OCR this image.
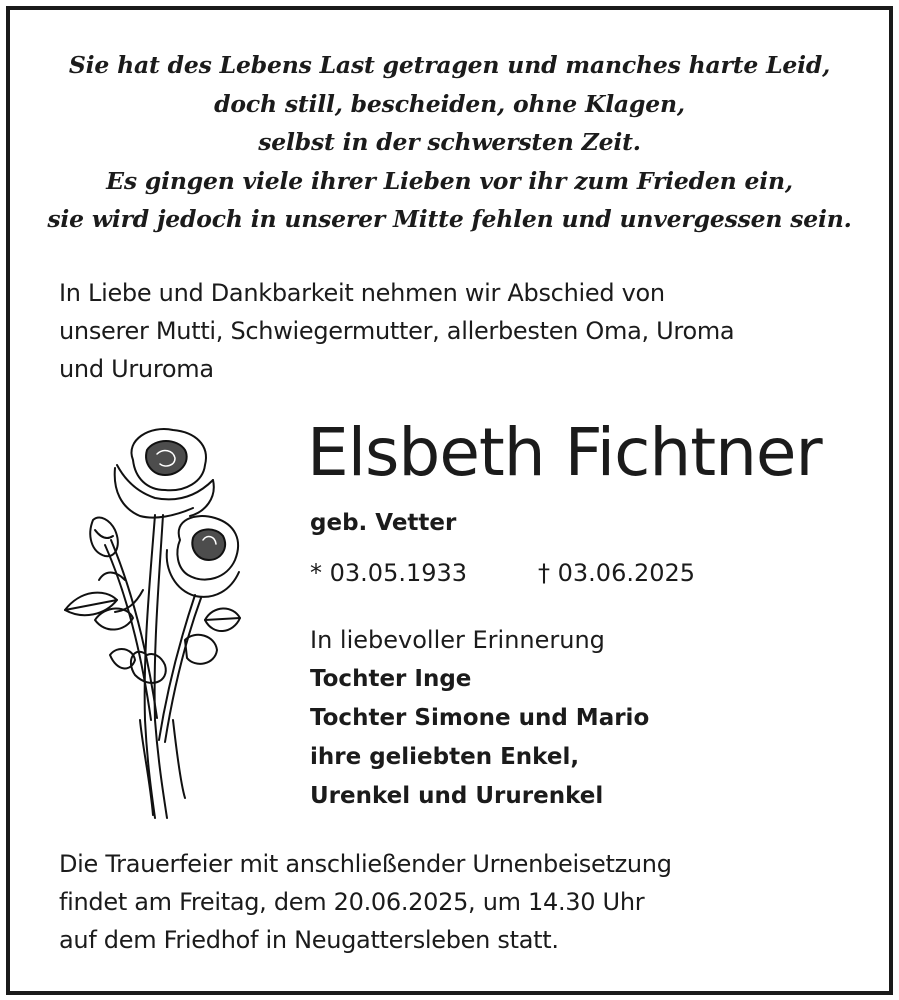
Sie hat des Lebens Last getragen und manches harte Leid,
doch still, bescheiden, ohne Klagen,
selbst in der schwersten Zeit.
Es gingen viele ihrer Lieben vor ihr zum Frieden ein,
sie wird jedoch in unserer Mitte fehlen und unvergessen sein.
In Liebe und Dankbarkeit nehmen wir Abschied von
unserer Mutti, Schwiegermutter, allerbesten Oma, Uroma
und Ururoma
Elsbeth Fichtner
geb. Vetter
* 03.05.1933	† 03.06.2025
In liebevoller Erinnerung
Tochter Inge
Tochter Simone und Mario
ihre geliebten Enkel,
Urenkel und Ururenkel
Die Trauerfeier mit anschließender Urnenbeisetzung
findet am Freitag, dem 20.06.2025, um 14.30 Uhr
auf dem Friedhof in Neugattersleben statt.
